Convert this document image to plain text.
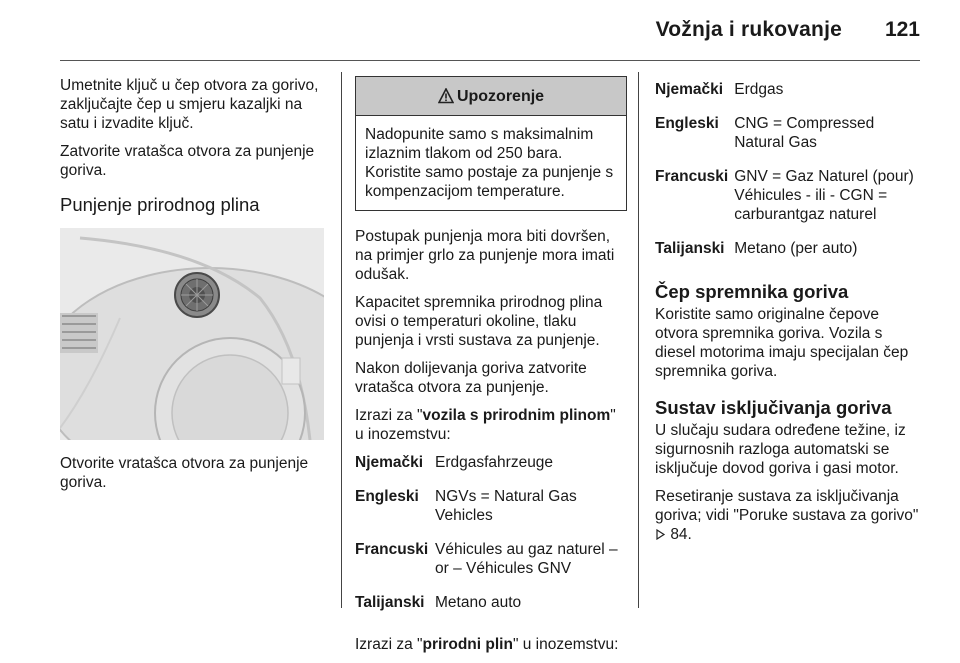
Vožnja i rukovanje 121

Umetnite ključ u čep otvora za gorivo, zaključajte čep u smjeru kazaljki na satu i izvadite ključ.

Zatvorite vratašca otvora za punjenje goriva.

Punjenje prirodnog plina

Otvorite vratašca otvora za punjenje goriva.

Upozorenje
Nadopunite samo s maksimalnim izlaznim tlakom od 250 bara. Koristite samo postaje za punjenje s kompenzacijom temperature.

Postupak punjenja mora biti dovršen, na primjer grlo za punjenje mora imati odušak.

Kapacitet spremnika prirodnog plina ovisi o temperaturi okoline, tlaku punjenja i vrsti sustava za punjenje.

Nakon dolijevanja goriva zatvorite vratašca otvora za punjenje.

Izrazi za "vozila s prirodnim plinom" u inozemstvu:

Njemački	Erdgasfahrzeuge
Engleski	NGVs = Natural Gas Vehicles
Francuski	Véhicules au gaz naturel – or – Véhicules GNV
Talijanski	Metano auto

Izrazi za "prirodni plin" u inozemstvu:

Njemački	Erdgas
Engleski	CNG = Compressed Natural Gas
Francuski	GNV = Gaz Naturel (pour) Véhicules - ili - CGN = carburantgaz naturel
Talijanski	Metano (per auto)
Čep spremnika goriva

Koristite samo originalne čepove otvora spremnika goriva. Vozila s diesel motorima imaju specijalan čep spremnika goriva.

Sustav isključivanja goriva

U slučaju sudara određene težine, iz sigurnosnih razloga automatski se isključuje dovod goriva i gasi motor.

Resetiranje sustava za isključivanja goriva; vidi "Poruke sustava za gorivo"  84.
